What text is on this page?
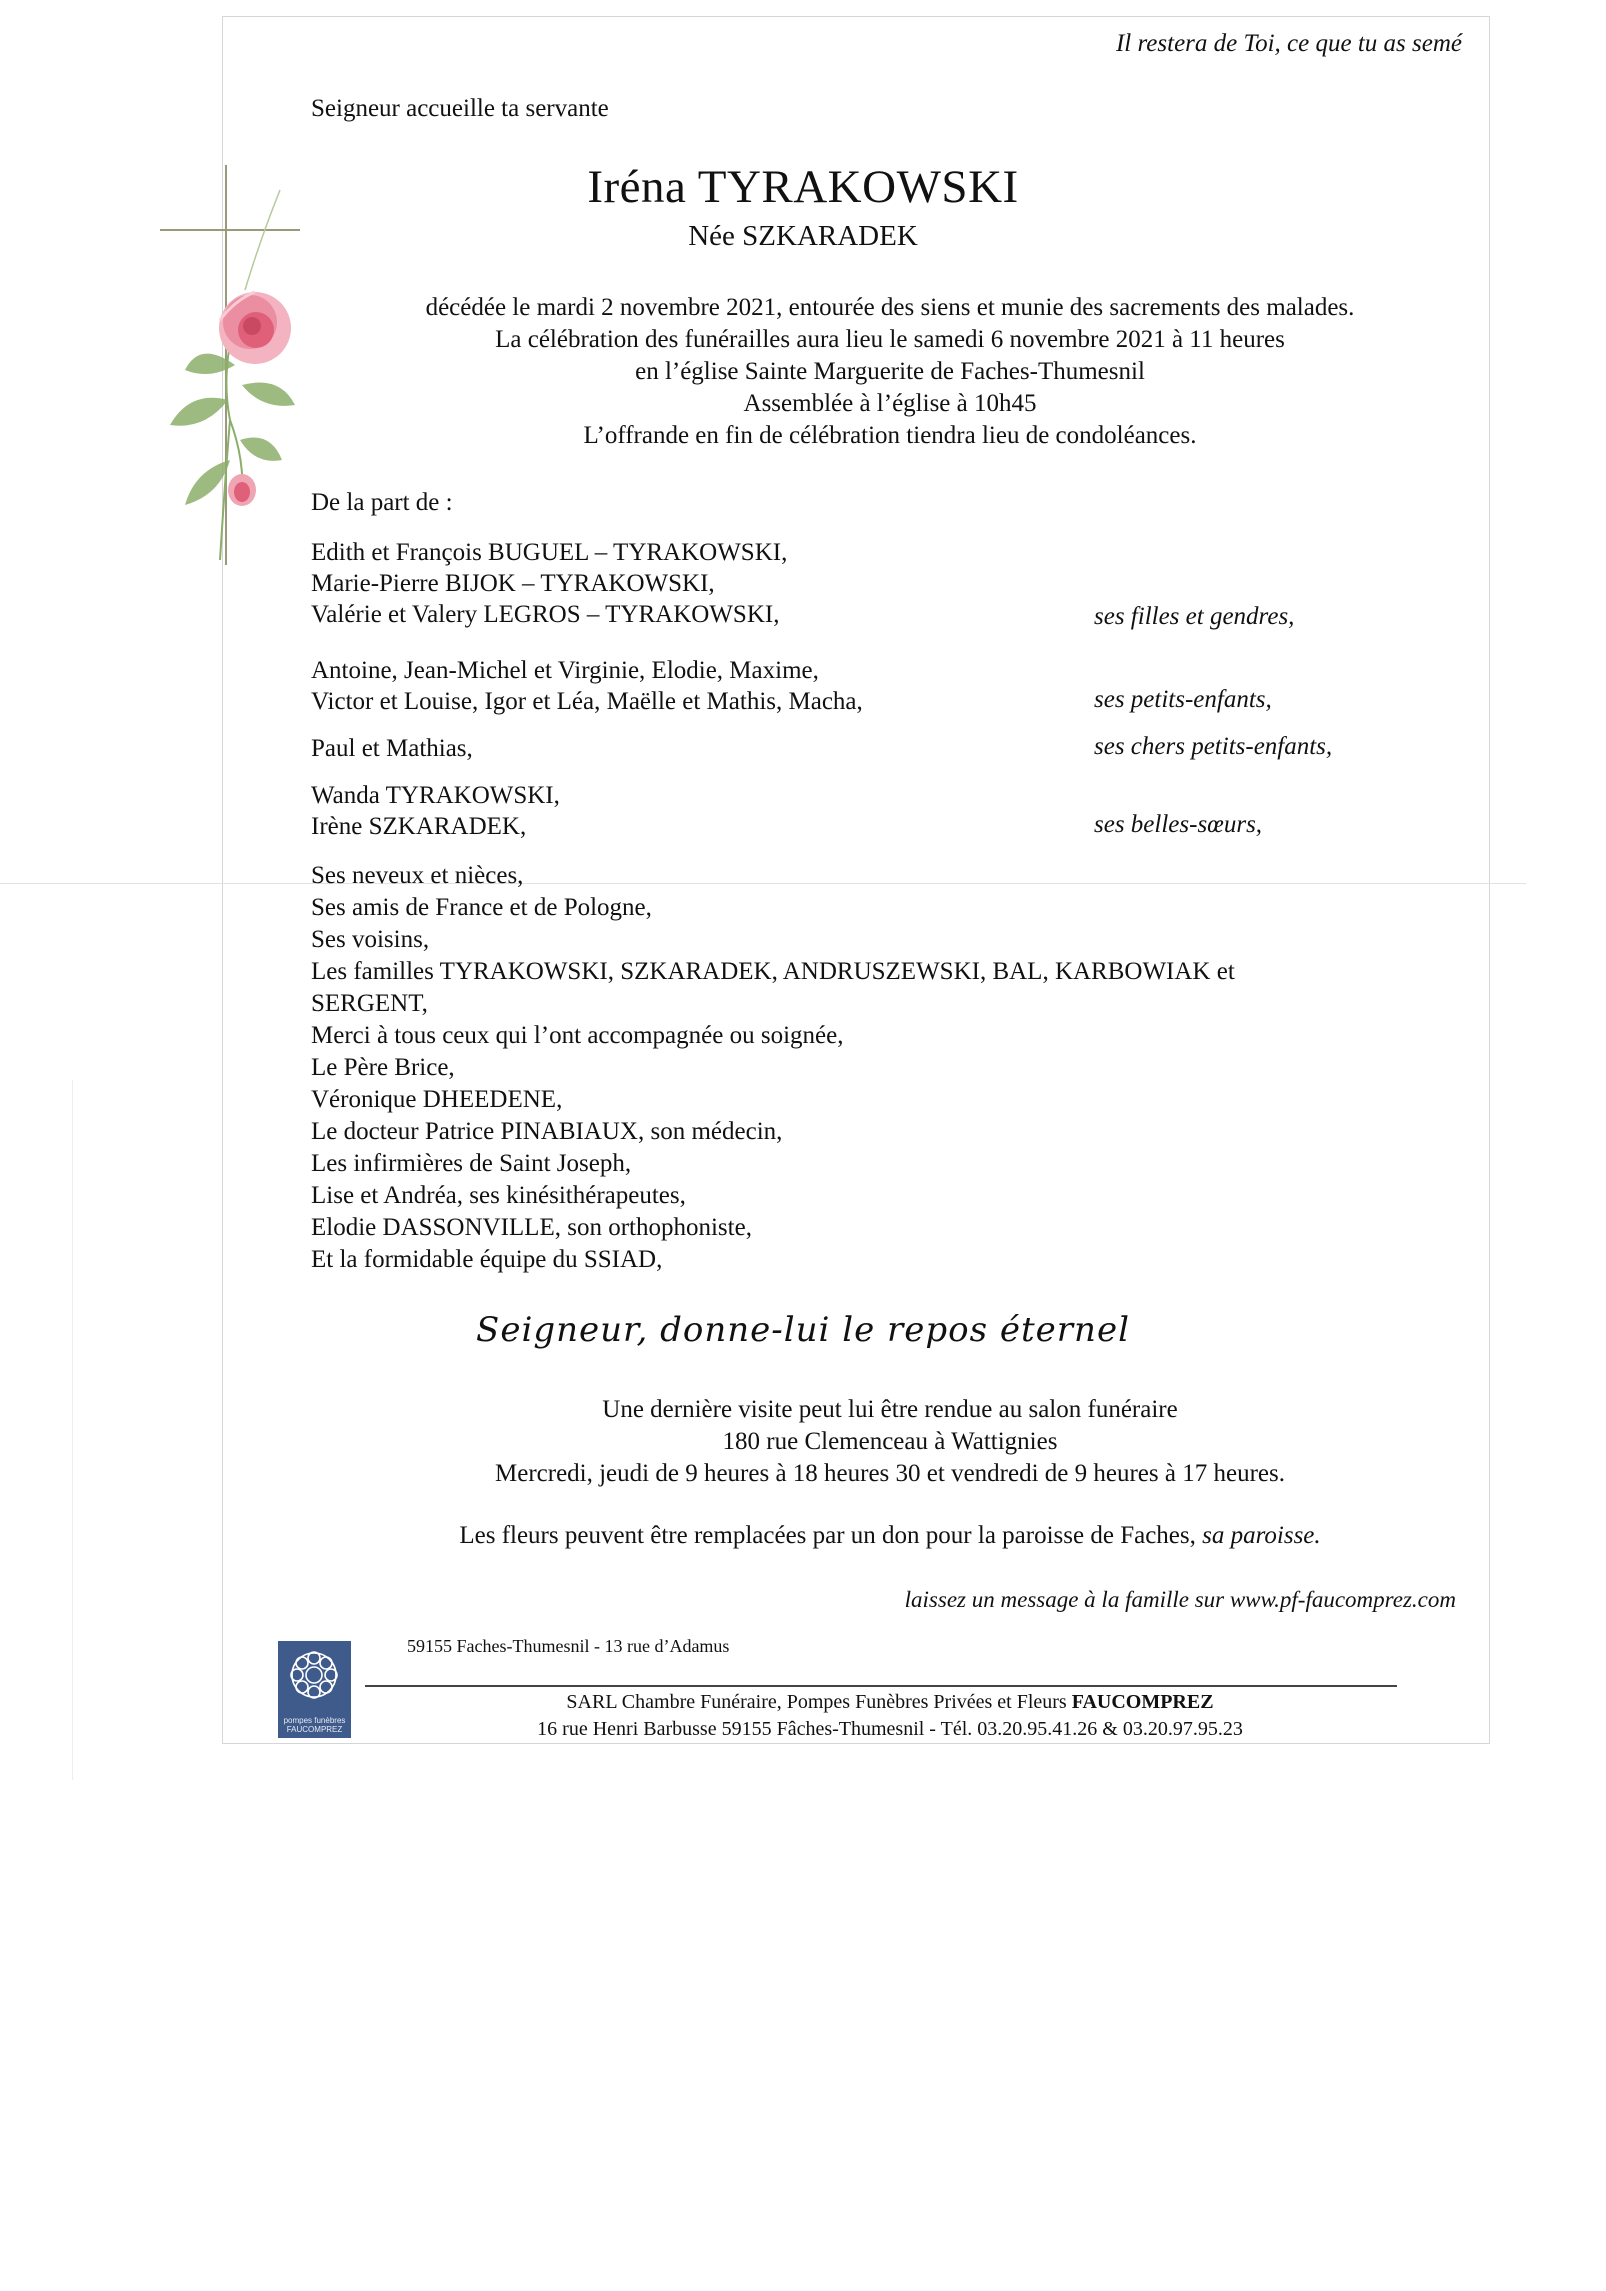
Il restera de Toi, ce que tu as semé
Seigneur accueille ta servante
Iréna TYRAKOWSKI
Née SZKARADEK
décédée le mardi 2 novembre 2021, entourée des siens et munie des sacrements des malades.
La célébration des funérailles aura lieu le samedi 6 novembre 2021 à 11 heures
en l’église Sainte Marguerite de Faches-Thumesnil
Assemblée à l’église à 10h45
L’offrande en fin de célébration tiendra lieu de condoléances.
De la part de :
Edith et François BUGUEL – TYRAKOWSKI,
Marie-Pierre BIJOK – TYRAKOWSKI,
Valérie et Valery LEGROS – TYRAKOWSKI,	ses filles et gendres,
Antoine, Jean-Michel et Virginie, Elodie, Maxime,
Victor et Louise, Igor et Léa, Maëlle et Mathis, Macha,	ses petits-enfants,
Paul et Mathias,	ses chers petits-enfants,
Wanda TYRAKOWSKI,
Irène SZKARADEK,	ses belles-sœurs,
Ses neveux et nièces,
Ses amis de France et de Pologne,
Ses voisins,
Les familles TYRAKOWSKI, SZKARADEK, ANDRUSZEWSKI, BAL, KARBOWIAK et
SERGENT,
Merci à tous ceux qui l’ont accompagnée ou soignée,
Le Père Brice,
Véronique DHEEDENE,
Le docteur Patrice PINABIAUX, son médecin,
Les infirmières de Saint Joseph,
Lise et Andréa, ses kinésithérapeutes,
Elodie DASSONVILLE, son orthophoniste,
Et la formidable équipe du SSIAD,
Seigneur, donne-lui le repos éternel
Une dernière visite peut lui être rendue au salon funéraire
180 rue Clemenceau à Wattignies
Mercredi, jeudi de 9 heures à 18 heures 30 et vendredi de 9 heures à 17 heures.
Les fleurs peuvent être remplacées par un don pour la paroisse de Faches, sa paroisse.
laissez un message à la famille sur www.pf-faucomprez.com
pompes funèbres
FAUCOMPREZ
59155 Faches-Thumesnil - 13 rue d’Adamus
SARL Chambre Funéraire, Pompes Funèbres Privées et Fleurs FAUCOMPREZ
16 rue Henri Barbusse 59155 Fâches-Thumesnil - Tél. 03.20.95.41.26 & 03.20.97.95.23
